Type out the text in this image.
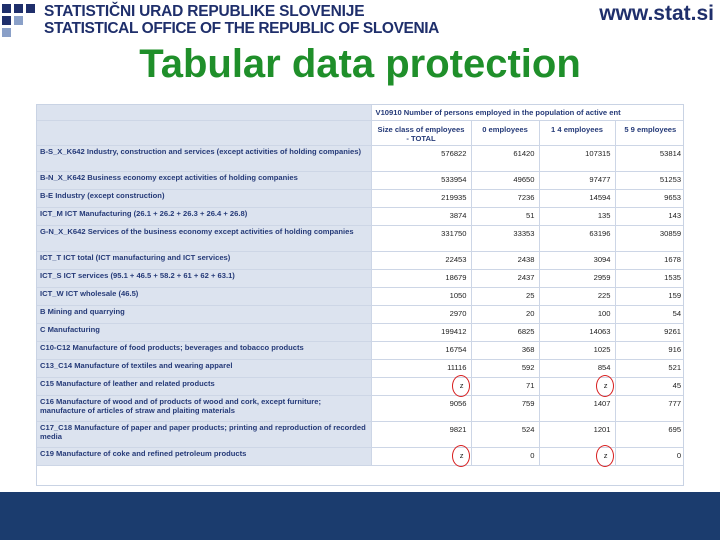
STATISTIČNI URAD REPUBLIKE SLOVENIJE
STATISTICAL OFFICE OF THE REPUBLIC OF SLOVENIA
www.stat.si
Tabular data protection
	V10910 Number of persons employed in the population of active ent			
	Size class of employees - TOTAL	0 employees	1 4 employees	5 9 employees
B-S_X_K642 Industry, construction and services (except activities of holding companies)	576822	61420	107315	53814
B-N_X_K642 Business economy except activities of holding companies	533954	49650	97477	51253
B-E Industry (except construction)	219935	7236	14594	9653
ICT_M ICT Manufacturing (26.1 + 26.2 + 26.3 + 26.4 + 26.8)	3874	51	135	143
G-N_X_K642 Services of the business economy except activities of holding companies	331750	33353	63196	30859
ICT_T ICT total (ICT manufacturing and ICT services)	22453	2438	3094	1678
ICT_S ICT services (95.1 + 46.5 + 58.2 + 61 + 62 + 63.1)	18679	2437	2959	1535
ICT_W ICT wholesale (46.5)	1050	25	225	159
B Mining and quarrying	2970	20	100	54
C Manufacturing	199412	6825	14063	9261
C10-C12 Manufacture of food products; beverages and tobacco products	16754	368	1025	916
C13_C14 Manufacture of textiles and wearing apparel	11116	592	854	521
C15 Manufacture of leather and related products	z	71	z	45
C16 Manufacture of wood and of products of wood and cork, except furniture; manufacture of articles of straw and plaiting materials	9056	759	1407	777
C17_C18 Manufacture of paper and paper products; printing and reproduction of recorded media	9821	524	1201	695
C19 Manufacture of coke and refined petroleum products	z	0	z	0
